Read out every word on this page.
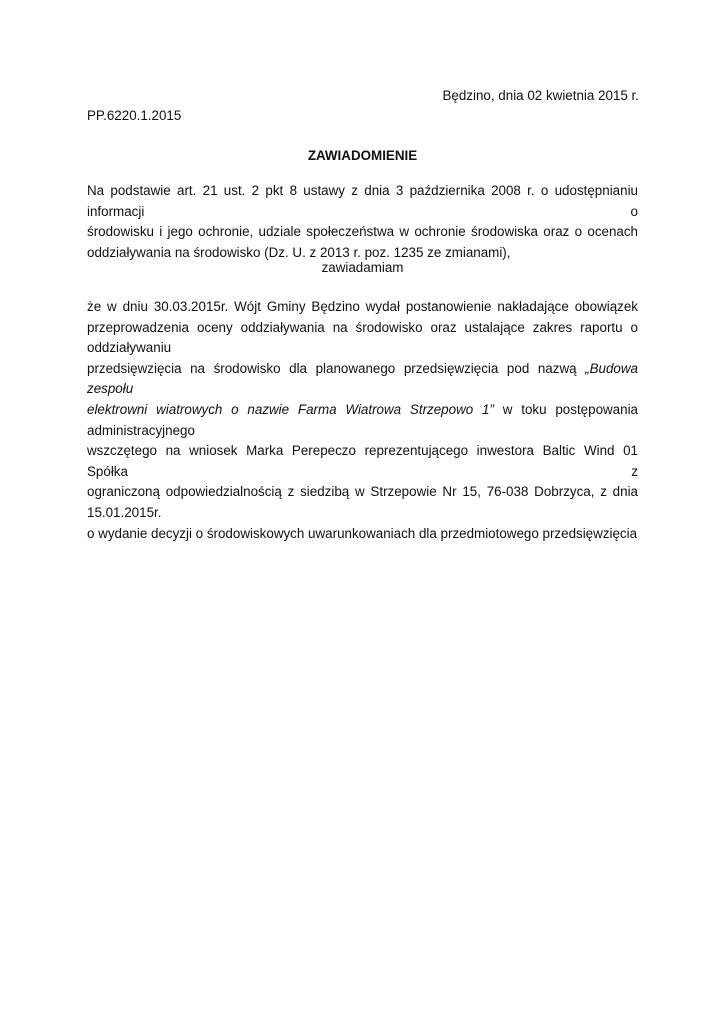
Będzino, dnia 02 kwietnia 2015 r.
PP.6220.1.2015
ZAWIADOMIENIE
Na podstawie art. 21 ust. 2 pkt 8 ustawy z dnia 3 października 2008 r. o udostępnianiu informacji o
środowisku i jego ochronie, udziale społeczeństwa w ochronie środowiska oraz o ocenach
oddziaływania na środowisko (Dz. U. z 2013 r. poz. 1235 ze zmianami),
zawiadamiam
że w dniu 30.03.2015r. Wójt Gminy Będzino wydał postanowienie nakładające obowiązek
przeprowadzenia oceny oddziaływania na środowisko oraz ustalające zakres raportu o oddziaływaniu
przedsięwzięcia na środowisko dla planowanego przedsięwzięcia pod nazwą „Budowa zespołu
elektrowni wiatrowych o nazwie Farma Wiatrowa Strzepowo 1” w toku postępowania administracyjnego
wszczętego na wniosek Marka Perepeczo reprezentującego inwestora Baltic Wind 01 Spółka z
ograniczoną odpowiedzialnością z siedzibą w Strzepowie Nr 15, 76-038 Dobrzyca, z dnia 15.01.2015r.
o wydanie decyzji o środowiskowych uwarunkowaniach dla przedmiotowego przedsięwzięcia
